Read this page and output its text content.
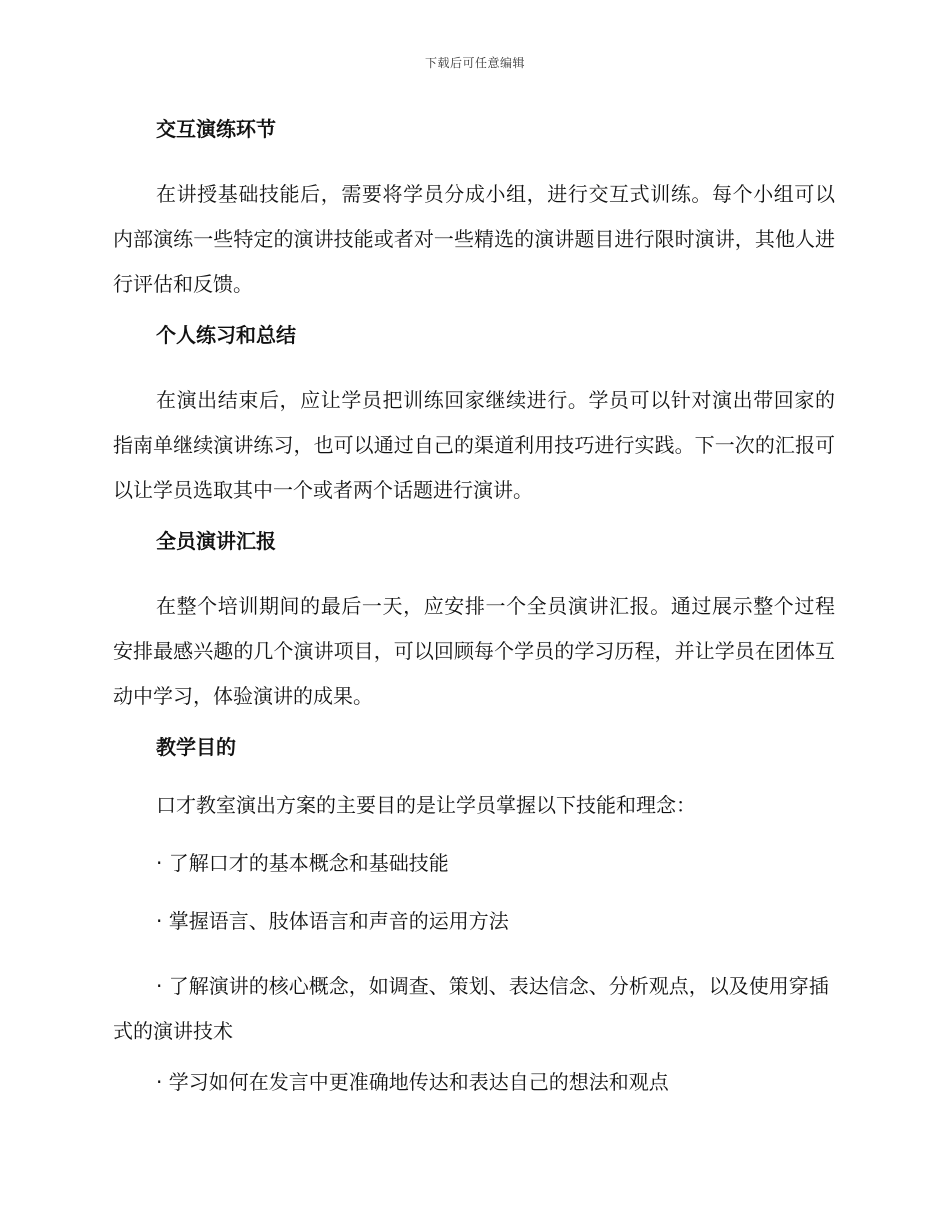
下载后可任意编辑
交互演练环节

在讲授基础技能后，需要将学员分成小组，进行交互式训练。每个小组可以内部演练一些特定的演讲技能或者对一些精选的演讲题目进行限时演讲，其他人进行评估和反馈。

个人练习和总结

在演出结束后，应让学员把训练回家继续进行。学员可以针对演出带回家的指南单继续演讲练习，也可以通过自己的渠道利用技巧进行实践。下一次的汇报可以让学员选取其中一个或者两个话题进行演讲。

全员演讲汇报

在整个培训期间的最后一天，应安排一个全员演讲汇报。通过展示整个过程安排最感兴趣的几个演讲项目，可以回顾每个学员的学习历程，并让学员在团体互动中学习，体验演讲的成果。

教学目的

口才教室演出方案的主要目的是让学员掌握以下技能和理念：

· 了解口才的基本概念和基础技能

· 掌握语言、肢体语言和声音的运用方法

· 了解演讲的核心概念，如调查、策划、表达信念、分析观点，以及使用穿插式的演讲技术

· 学习如何在发言中更准确地传达和表达自己的想法和观点
